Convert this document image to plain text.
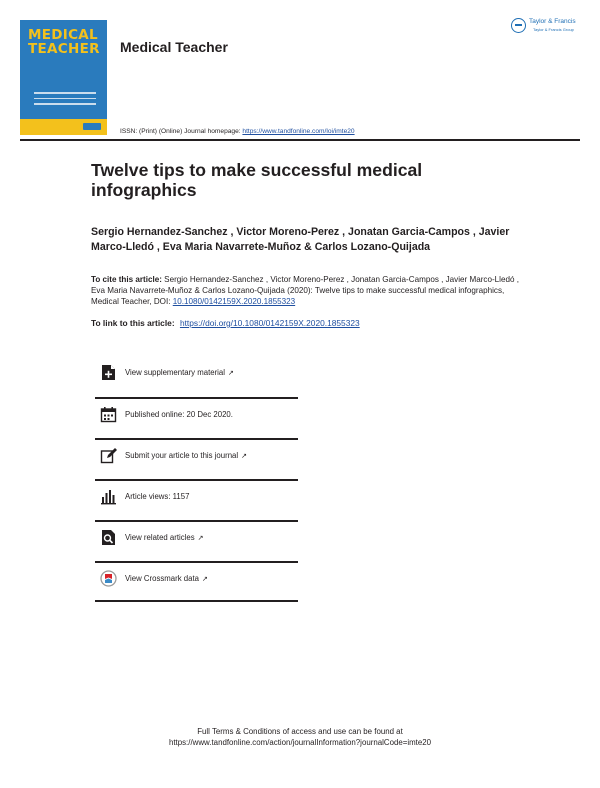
MEDICAL
TEACHER Medical Teacher
Taylor & Francis
Taylor & Francis Group
ISSN: (Print) (Online) Journal homepage: https://www.tandfonline.com/loi/imte20
Twelve tips to make successful medical infographics
Sergio Hernandez-Sanchez , Victor Moreno-Perez , Jonatan Garcia-Campos , Javier Marco-Lledó , Eva Maria Navarrete-Muñoz & Carlos Lozano-Quijada
To cite this article: Sergio Hernandez-Sanchez , Victor Moreno-Perez , Jonatan Garcia-Campos , Javier Marco-Lledó , Eva Maria Navarrete-Muñoz & Carlos Lozano-Quijada (2020): Twelve tips to make successful medical infographics, Medical Teacher, DOI: 10.1080/0142159X.2020.1855323
To link to this article: https://doi.org/10.1080/0142159X.2020.1855323
View supplementary material ↗
Published online: 20 Dec 2020.
Submit your article to this journal ↗
Article views: 1157
View related articles ↗
View Crossmark data ↗
Full Terms & Conditions of access and use can be found at
https://www.tandfonline.com/action/journalInformation?journalCode=imte20
